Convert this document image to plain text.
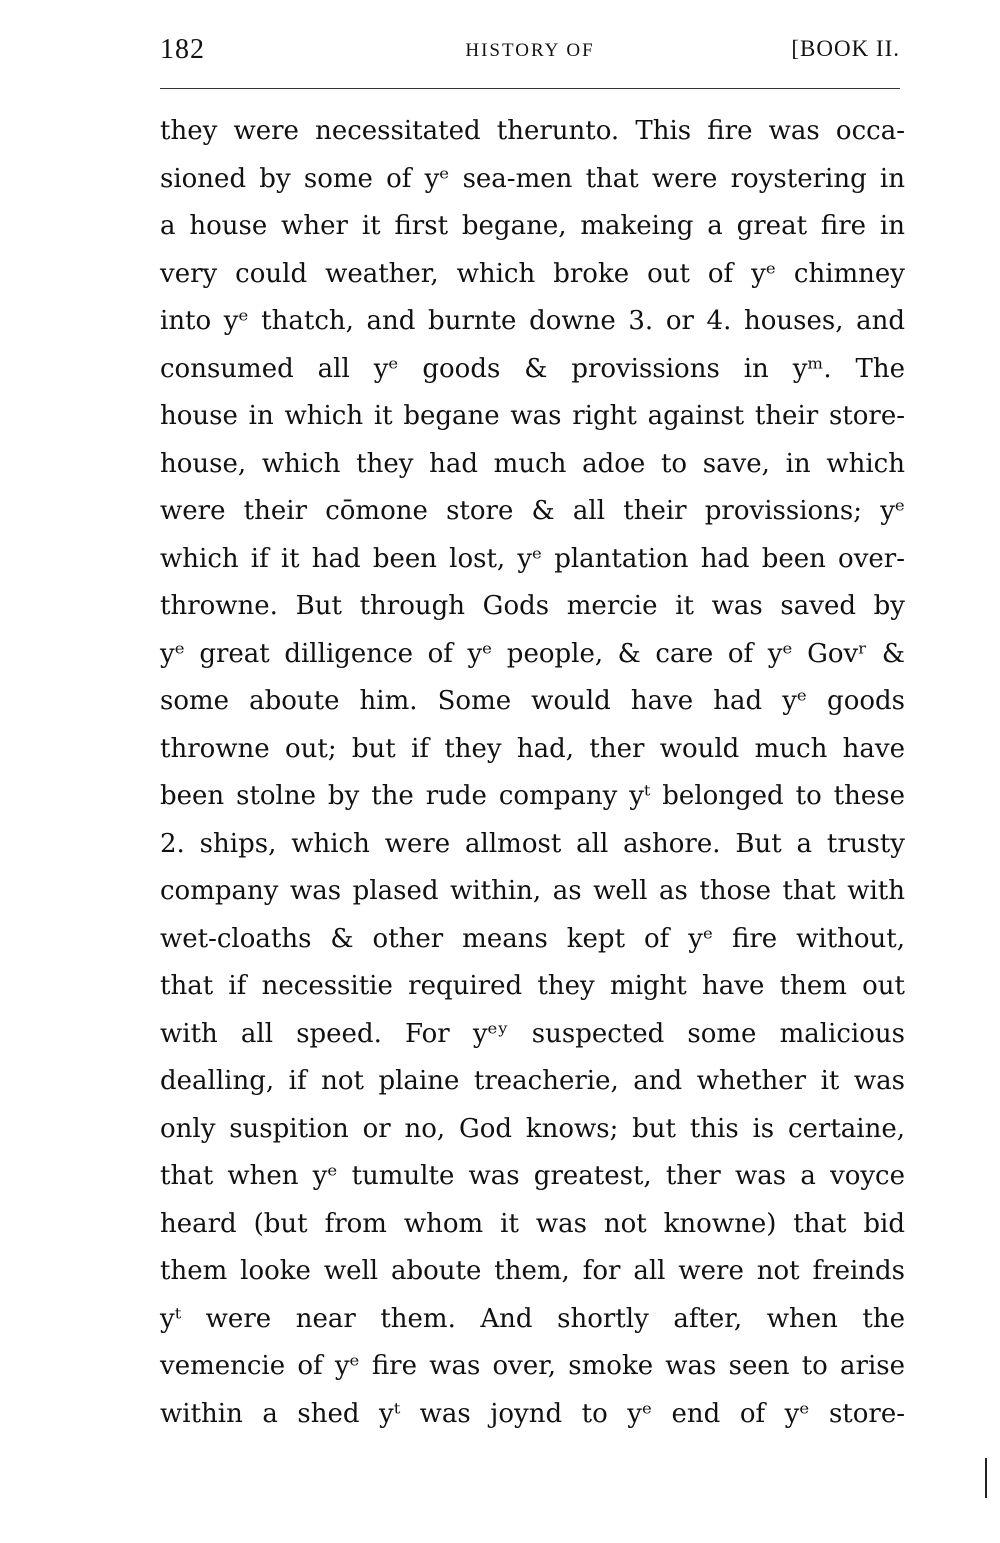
182	HISTORY OF	[BOOK II.
they were necessitated therunto. This fire was occa-
sioned by some of yᵉ sea-men that were roystering in
a house wher it first begane, makeing a great fire in
very could weather, which broke out of yᵉ chimney
into yᵉ thatch, and burnte downe 3. or 4. houses, and
consumed all yᵉ goods & provissions in yᵐ. The
house in which it begane was right against their store-
house, which they had much adoe to save, in which
were their cōmone store & all their provissions; yᵉ
which if it had been lost, yᵉ plantation had been over-
throwne. But through Gods mercie it was saved by
yᵉ great dilligence of yᵉ people, & care of yᵉ Govʳ &
some aboute him. Some would have had yᵉ goods
throwne out; but if they had, ther would much have
been stolne by the rude company yᵗ belonged to these
2. ships, which were allmost all ashore. But a trusty
company was plased within, as well as those that with
wet-cloaths & other means kept of yᵉ fire without,
that if necessitie required they might have them out
with all speed. For yᵉʸ suspected some malicious
dealling, if not plaine treacherie, and whether it was
only suspition or no, God knows; but this is certaine,
that when yᵉ tumulte was greatest, ther was a voyce
heard (but from whom it was not knowne) that bid
them looke well aboute them, for all were not freinds
yᵗ were near them. And shortly after, when the
vemencie of yᵉ fire was over, smoke was seen to arise
within a shed yᵗ was joynd to yᵉ end of yᵉ store-
